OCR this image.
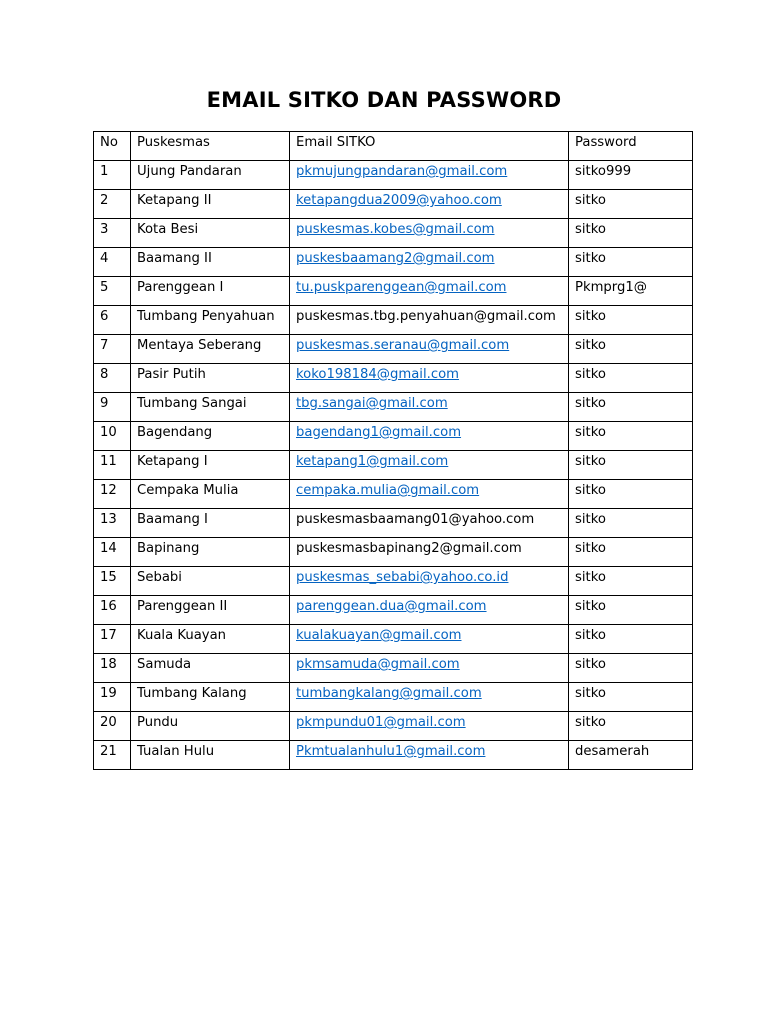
EMAIL SITKO DAN PASSWORD
No	Puskesmas	Email SITKO	Password
1	Ujung Pandaran	pkmujungpandaran@gmail.com	sitko999
2	Ketapang II	ketapangdua2009@yahoo.com	sitko
3	Kota Besi	puskesmas.kobes@gmail.com	sitko
4	Baamang II	puskesbaamang2@gmail.com	sitko
5	Parenggean I	tu.puskparenggean@gmail.com	Pkmprg1@
6	Tumbang Penyahuan	puskesmas.tbg.penyahuan@gmail.com	sitko
7	Mentaya Seberang	puskesmas.seranau@gmail.com	sitko
8	Pasir Putih	koko198184@gmail.com	sitko
9	Tumbang Sangai	tbg.sangai@gmail.com	sitko
10	Bagendang	bagendang1@gmail.com	sitko
11	Ketapang I	ketapang1@gmail.com	sitko
12	Cempaka Mulia	cempaka.mulia@gmail.com	sitko
13	Baamang I	puskesmasbaamang01@yahoo.com	sitko
14	Bapinang	puskesmasbapinang2@gmail.com	sitko
15	Sebabi	puskesmas_sebabi@yahoo.co.id	sitko
16	Parenggean II	parenggean.dua@gmail.com	sitko
17	Kuala Kuayan	kualakuayan@gmail.com	sitko
18	Samuda	pkmsamuda@gmail.com	sitko
19	Tumbang Kalang	tumbangkalang@gmail.com	sitko
20	Pundu	pkmpundu01@gmail.com	sitko
21	Tualan Hulu	Pkmtualanhulu1@gmail.com	desamerah
